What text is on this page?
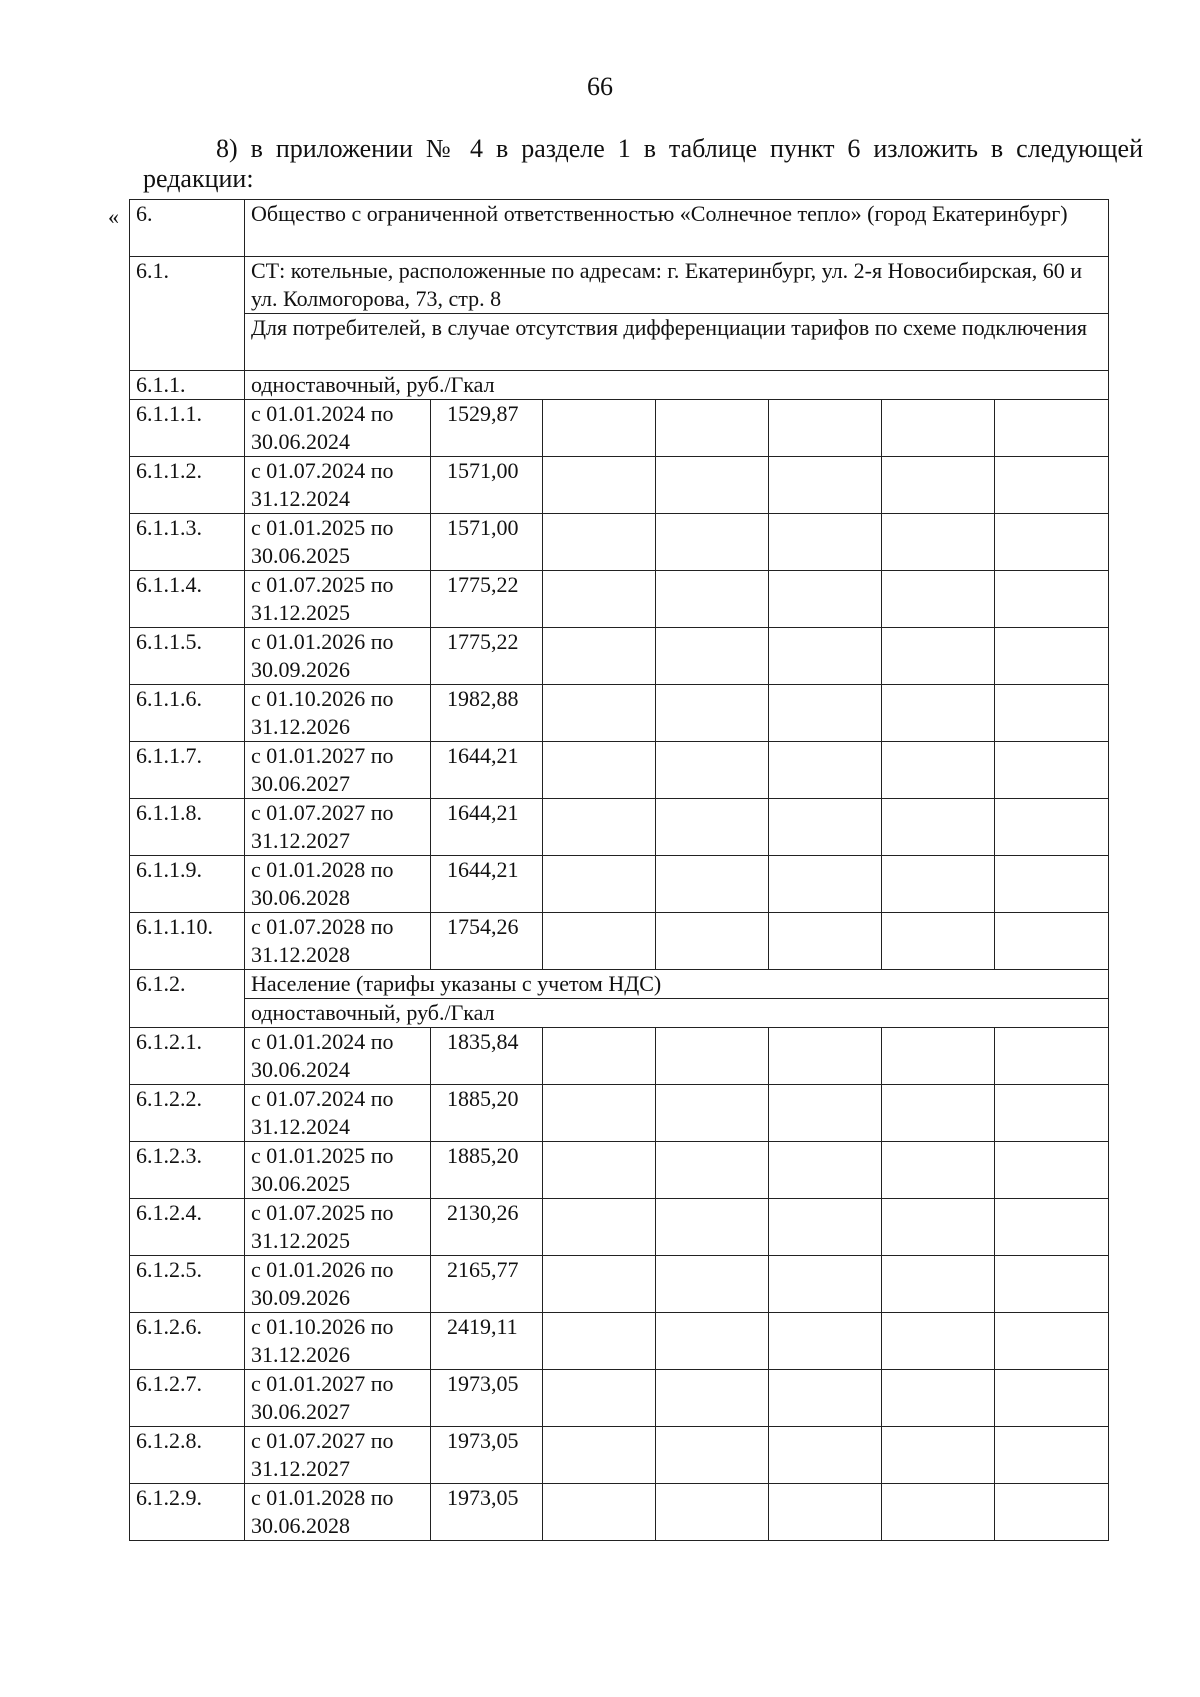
66
8) в приложении № 4 в разделе 1 в таблице пункт 6 изложить в следующей редакции:
« 6.	Общество с ограниченной ответственностью «Солнечное тепло» (город Екатеринбург)						
6.1.	СТ: котельные, расположенные по адресам: г. Екатеринбург, ул. 2-я Новосибирская, 60 и ул. Колмогорова, 73, стр. 8						
	Для потребителей, в случае отсутствия дифференциации тарифов по схеме подключения						
6.1.1.	одноставочный, руб./Гкал						
6.1.1.1.	с 01.01.2024 по 30.06.2024	1529,87					
6.1.1.2.	с 01.07.2024 по 31.12.2024	1571,00					
6.1.1.3.	с 01.01.2025 по 30.06.2025	1571,00					
6.1.1.4.	с 01.07.2025 по 31.12.2025	1775,22					
6.1.1.5.	с 01.01.2026 по 30.09.2026	1775,22					
6.1.1.6.	с 01.10.2026 по 31.12.2026	1982,88					
6.1.1.7.	с 01.01.2027 по 30.06.2027	1644,21					
6.1.1.8.	с 01.07.2027 по 31.12.2027	1644,21					
6.1.1.9.	с 01.01.2028 по 30.06.2028	1644,21					
6.1.1.10.	с 01.07.2028 по 31.12.2028	1754,26					
6.1.2.	Население (тарифы указаны с учетом НДС)						
	одноставочный, руб./Гкал						
6.1.2.1.	с 01.01.2024 по 30.06.2024	1835,84					
6.1.2.2.	с 01.07.2024 по 31.12.2024	1885,20					
6.1.2.3.	с 01.01.2025 по 30.06.2025	1885,20					
6.1.2.4.	с 01.07.2025 по 31.12.2025	2130,26					
6.1.2.5.	с 01.01.2026 по 30.09.2026	2165,77					
6.1.2.6.	с 01.10.2026 по 31.12.2026	2419,11					
6.1.2.7.	с 01.01.2027 по 30.06.2027	1973,05					
6.1.2.8.	с 01.07.2027 по 31.12.2027	1973,05					
6.1.2.9.	с 01.01.2028 по 30.06.2028	1973,05					
